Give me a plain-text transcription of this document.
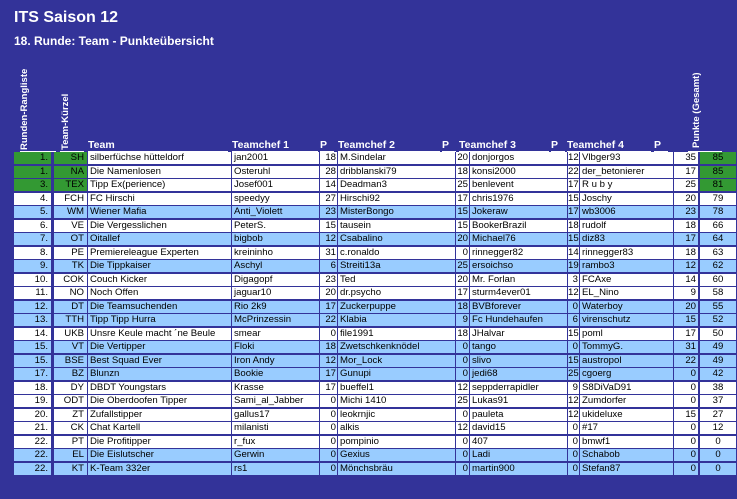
ITS Saison 12
18. Runde: Team - Punkteübersicht
Runden-Rangliste	Team-Kürzel Team	Teamchef 1	P Teamchef 2	P Teamchef 3	P Teamchef 4	P	Punkte (Gesamt)
1.	SH silberfüchse hütteldorf	jan2001	18 M.Sindelar	20 donjorgos	12 Vlbger93	35	85
1.	NA Die Namenlosen	Osteruhl	28 dribblanski79	18 konsi2000	22 der_betonierer	17	85
3.	TEX Tipp Ex(perience)	Josef001	14 Deadman3	25 benlevent	17 R u b y	25	81
4.	FCH FC Hirschi	speedyy	27 Hirschi92	17 chris1976	15 Joschy	20	79
5.	WM Wiener Mafia	Anti_Violett	23 MisterBongo	15 Jokeraw	17 wb3006	23	78
6.	VE Die Vergesslichen	PeterS.	15 tausein	15 BookerBrazil	18 rudolf	18	66
7.	OT Oitallef	bigbob	12 Csabalino	20 Michael76	15 diz83	17	64
8.	PE Premiereleague Experten	kreininho	31 c.ronaldo	0 rinnegger82	14 rinnegger83	18	63
9.	TK Die Tippkaiser	Aschyl	6 Streiti13a	25 ersoichso	19 rambo3	12	62
10.	COK Couch Kicker	Digagopf	23 Ted	20 Mr. Forlan	3 FCAxe	14	60
11.	NO Noch Offen	jaguar10	20 dr.psycho	17 sturm4ever01	12 EL_Nino	9	58
12.	DT Die Teamsuchenden	Rio 2k9	17 Zuckerpuppe	18 BVBforever	0 Waterboy	20	55
13.	TTH Tipp Tipp Hurra	McPrinzessin	22 Klabia	9 Fc Hundehaufen	6 virenschutz	15	52
14.	UKB Unsre Keule macht ´ne Beule	smear	0 file1991	18 JHalvar	15 poml	17	50
15.	VT Die Vertipper	Floki	18 Zwetschkenknödel	0 tango	0 TommyG.	31	49
15.	BSE Best Squad Ever	Iron Andy	12 Mor_Lock	0 slivo	15 austropol	22	49
17.	BZ Blunzn	Bookie	17 Gunupi	0 jedi68	25 cgoerg	0	42
18.	DY DBDT Youngstars	Krasse	17 bueffel1	12 seppderrapidler	9 S8DiVaD91	0	38
19.	ODT Die Oberdoofen Tipper	Sami_al_Jabber	0 Michi 1410	25 Lukas91	12 Zumdorfer	0	37
20.	ZT Zufallstipper	gallus17	0 leokrnjic	0 pauleta	12 ukideluxe	15	27
21.	CK Chat Kartell	milanisti	0 alkis	12 david15	0 #17	0	12
22.	PT Die Profitipper	r_fux	0 pompinio	0 407	0 bmwf1	0	0
22.	EL Die Eislutscher	Gerwin	0 Gexius	0 Ladi	0 Schabob	0	0
22.	KT K-Team 332er	rs1	0 Mönchsbräu	0 martin900	0 Stefan87	0	0
